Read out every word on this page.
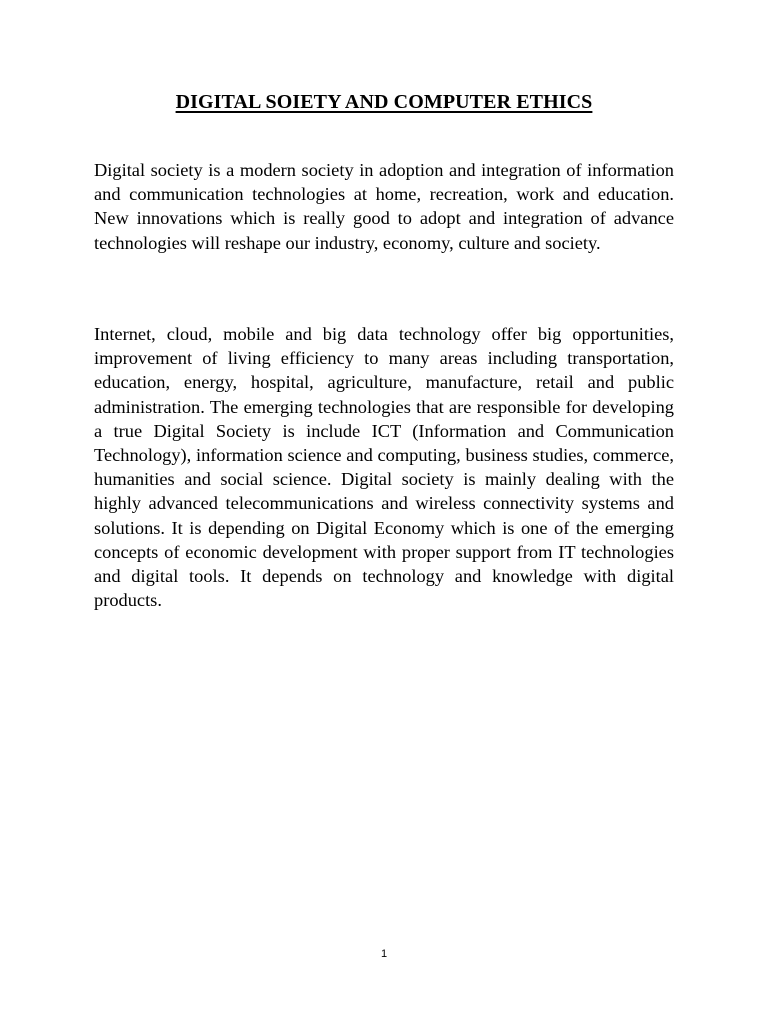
DIGITAL SOIETY AND COMPUTER ETHICS

Digital society is a modern society in adoption and integration of information and communication technologies at home, recreation, work and education. New innovations which is really good to adopt and integration of advance technologies will reshape our industry, economy, culture and society.

Internet, cloud, mobile and big data technology offer big opportunities, improvement of living efficiency to many areas including transportation, education, energy, hospital, agriculture, manufacture, retail and public administration. The emerging technologies that are responsible for developing a true Digital Society is include ICT (Information and Communication Technology), information science and computing, business studies, commerce, humanities and social science. Digital society is mainly dealing with the highly advanced telecommunications and wireless connectivity systems and solutions. It is depending on Digital Economy which is one of the emerging concepts of economic development with proper support from IT technologies and digital tools. It depends on technology and knowledge with digital products.

1
